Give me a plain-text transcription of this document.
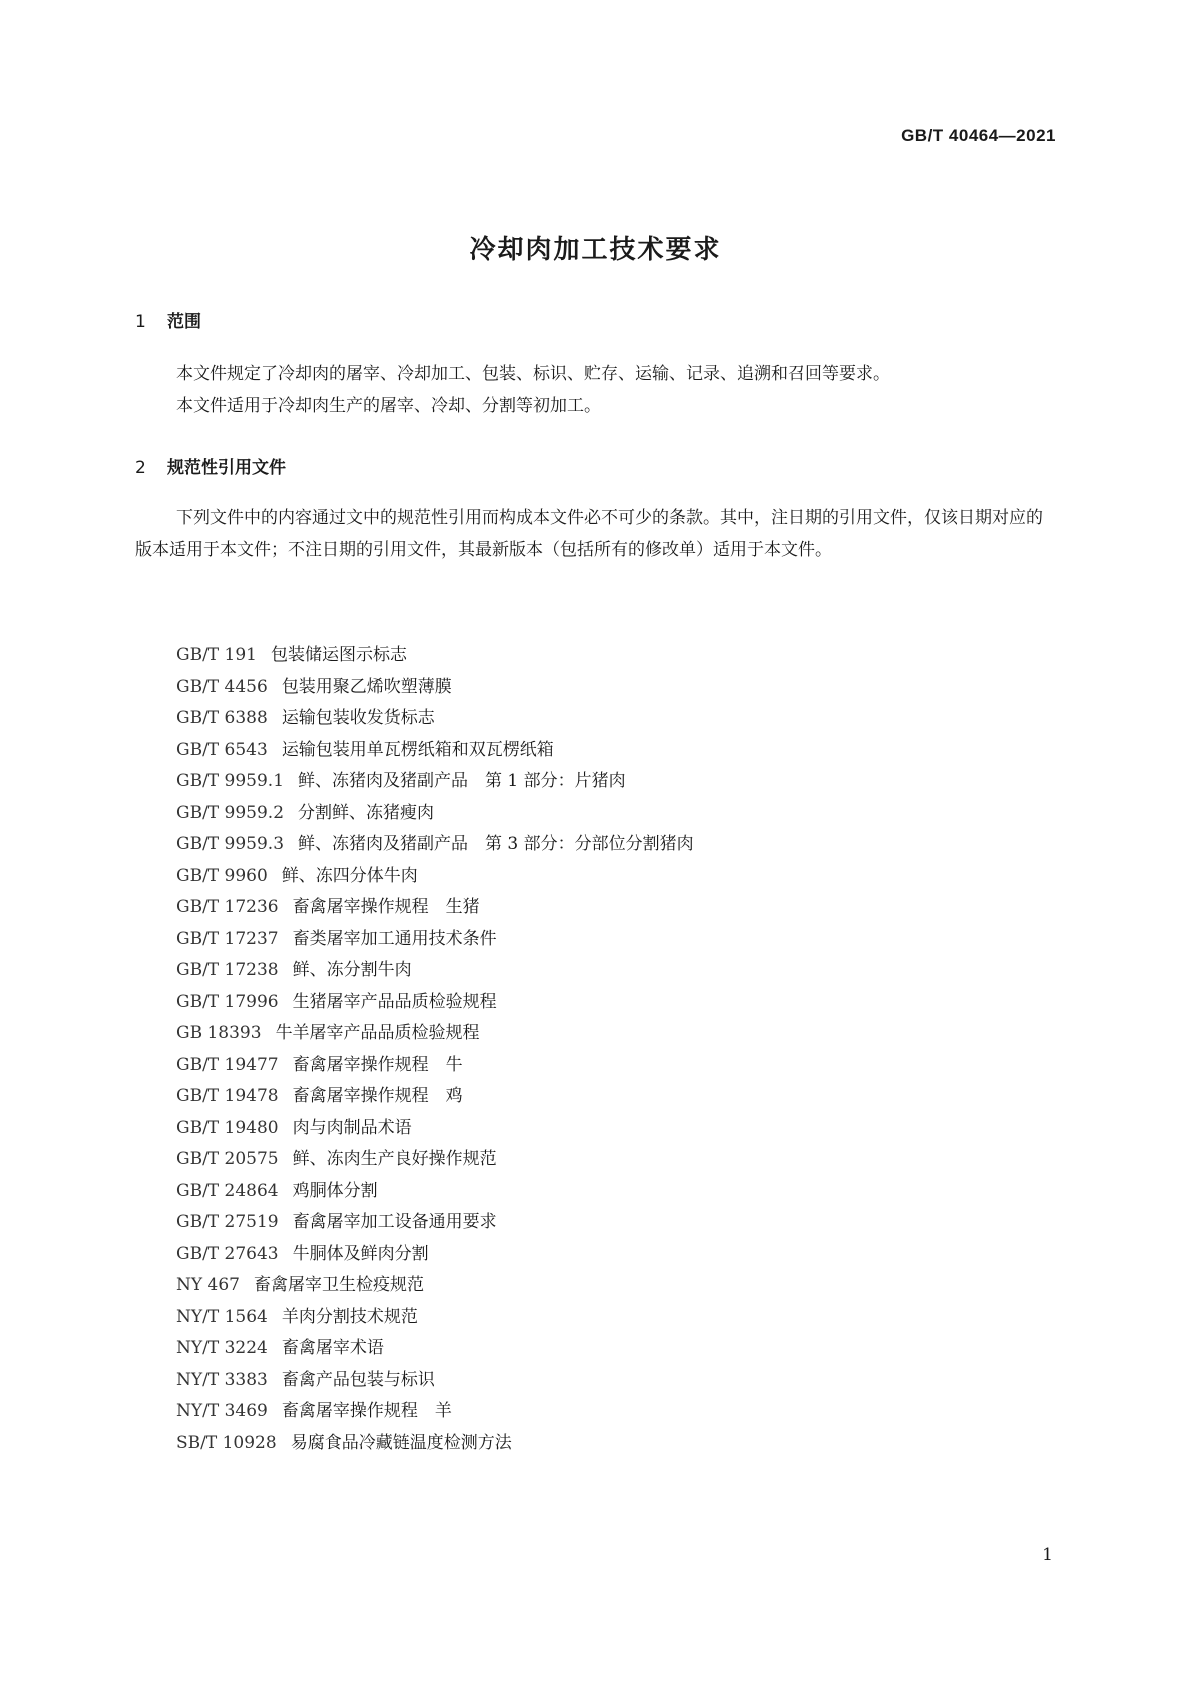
GB/T 40464—2021
冷却肉加工技术要求
1 范围

本文件规定了冷却肉的屠宰、冷却加工、包装、标识、贮存、运输、记录、追溯和召回等要求。

本文件适用于冷却肉生产的屠宰、冷却、分割等初加工。

2 规范性引用文件

下列文件中的内容通过文中的规范性引用而构成本文件必不可少的条款。其中，注日期的引用文件，仅该日期对应的版本适用于本文件；不注日期的引用文件，其最新版本（包括所有的修改单）适用于本文件。

GB/T 191 包装储运图示标志
GB/T 4456 包装用聚乙烯吹塑薄膜
GB/T 6388 运输包装收发货标志
GB/T 6543 运输包装用单瓦楞纸箱和双瓦楞纸箱
GB/T 9959.1 鲜、冻猪肉及猪副产品　第 1 部分：片猪肉
GB/T 9959.2 分割鲜、冻猪瘦肉
GB/T 9959.3 鲜、冻猪肉及猪副产品　第 3 部分：分部位分割猪肉
GB/T 9960 鲜、冻四分体牛肉
GB/T 17236 畜禽屠宰操作规程　生猪
GB/T 17237 畜类屠宰加工通用技术条件
GB/T 17238 鲜、冻分割牛肉
GB/T 17996 生猪屠宰产品品质检验规程
GB 18393 牛羊屠宰产品品质检验规程
GB/T 19477 畜禽屠宰操作规程　牛
GB/T 19478 畜禽屠宰操作规程　鸡
GB/T 19480 肉与肉制品术语
GB/T 20575 鲜、冻肉生产良好操作规范
GB/T 24864 鸡胴体分割
GB/T 27519 畜禽屠宰加工设备通用要求
GB/T 27643 牛胴体及鲜肉分割
NY 467 畜禽屠宰卫生检疫规范
NY/T 1564 羊肉分割技术规范
NY/T 3224 畜禽屠宰术语
NY/T 3383 畜禽产品包装与标识
NY/T 3469 畜禽屠宰操作规程　羊
SB/T 10928 易腐食品冷藏链温度检测方法
1
